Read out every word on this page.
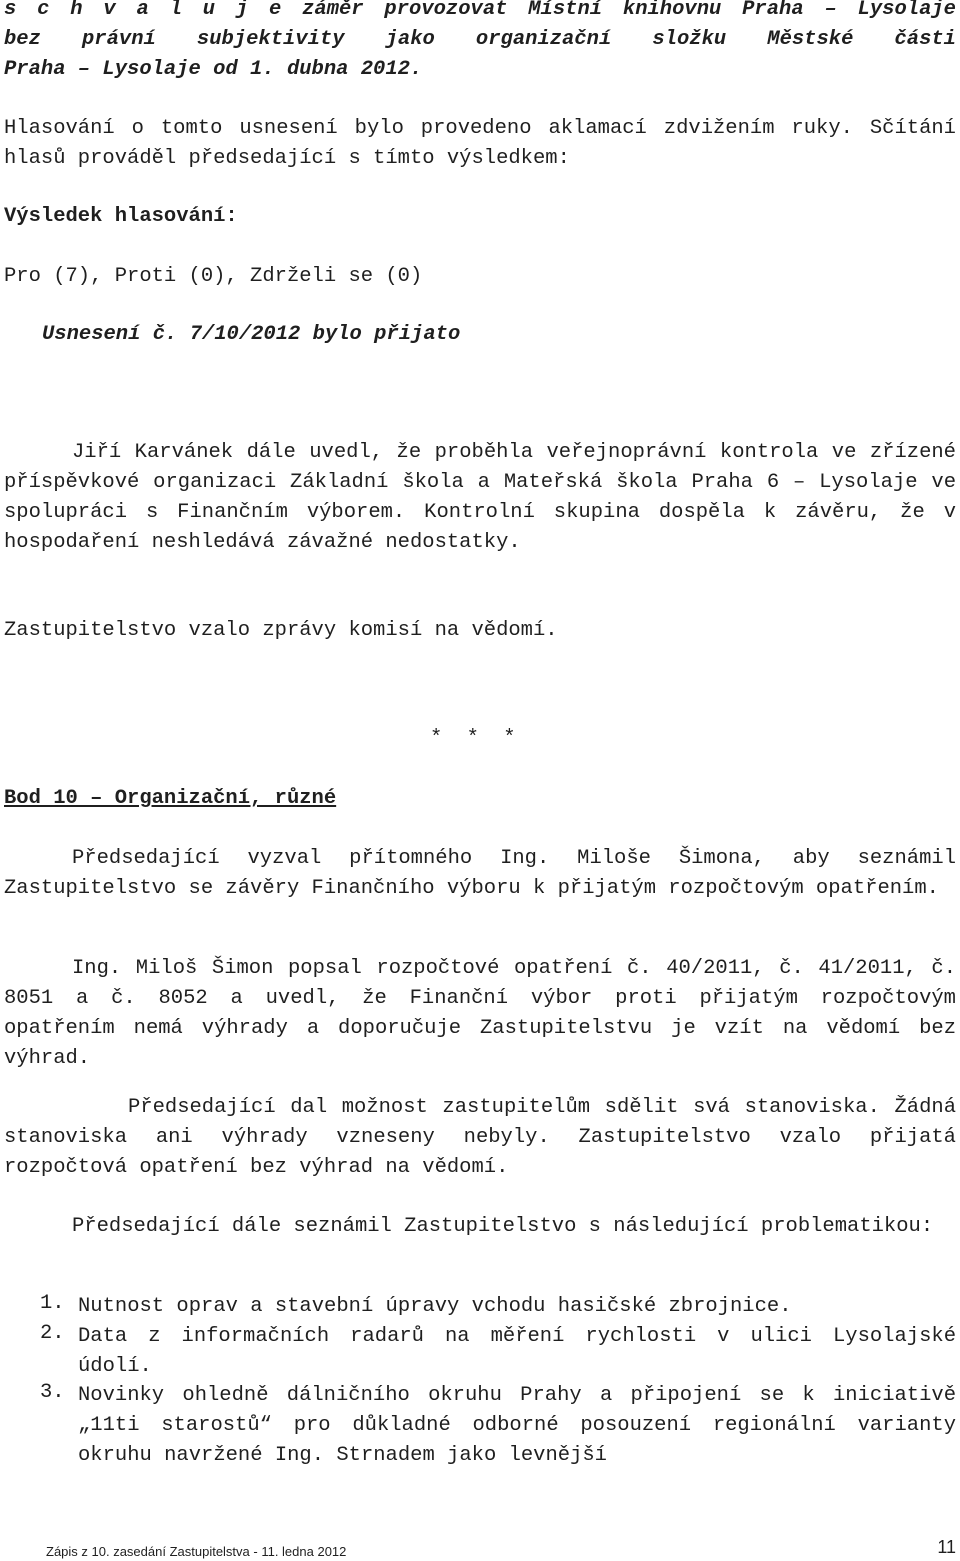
s c h v a l u j e záměr provozovat Místní knihovnu Praha – Lysolaje
bez právní subjektivity jako organizační složku Městské části
Praha – Lysolaje od 1. dubna 2012.

Hlasování o tomto usnesení bylo provedeno aklamací zdvižením ruky. Sčítání hlasů prováděl předsedající s tímto výsledkem:

Výsledek hlasování:
Pro (7), Proti (0), Zdrželi se (0)
Usnesení č. 7/10/2012 bylo přijato

Jiří Karvánek dále uvedl, že proběhla veřejnoprávní kontrola ve zřízené příspěvkové organizaci Základní škola a Mateřská škola Praha 6 – Lysolaje ve spolupráci s Finančním výborem. Kontrolní skupina dospěla k závěru, že v hospodaření neshledává závažné nedostatky.

Zastupitelstvo vzalo zprávy komisí na vědomí.
* * *
Bod 10 – Organizační, různé

Předsedající vyzval přítomného Ing. Miloše Šimona, aby seznámil Zastupitelstvo se závěry Finančního výboru k přijatým rozpočtovým opatřením.

Ing. Miloš Šimon popsal rozpočtové opatření č. 40/2011, č. 41/2011, č. 8051 a č. 8052 a uvedl, že Finanční výbor proti přijatým rozpočtovým opatřením nemá výhrady a doporučuje Zastupitelstvu je vzít na vědomí bez výhrad.

Předsedající dal možnost zastupitelům sdělit svá stanoviska. Žádná stanoviska ani výhrady vzneseny nebyly. Zastupitelstvo vzalo přijatá rozpočtová opatření bez výhrad na vědomí.

Předsedající dále seznámil Zastupitelstvo s následující problematikou:

1. Nutnost oprav a stavební úpravy vchodu hasičské zbrojnice.
2. Data z informačních radarů na měření rychlosti v ulici Lysolajské údolí.
3. Novinky ohledně dálničního okruhu Prahy a připojení se k iniciativě „11ti starostů“ pro důkladné odborné posouzení regionální varianty okruhu navržené Ing. Strnadem jako levnější
Zápis z 10. zasedání Zastupitelstva - 11. ledna 2012	11
